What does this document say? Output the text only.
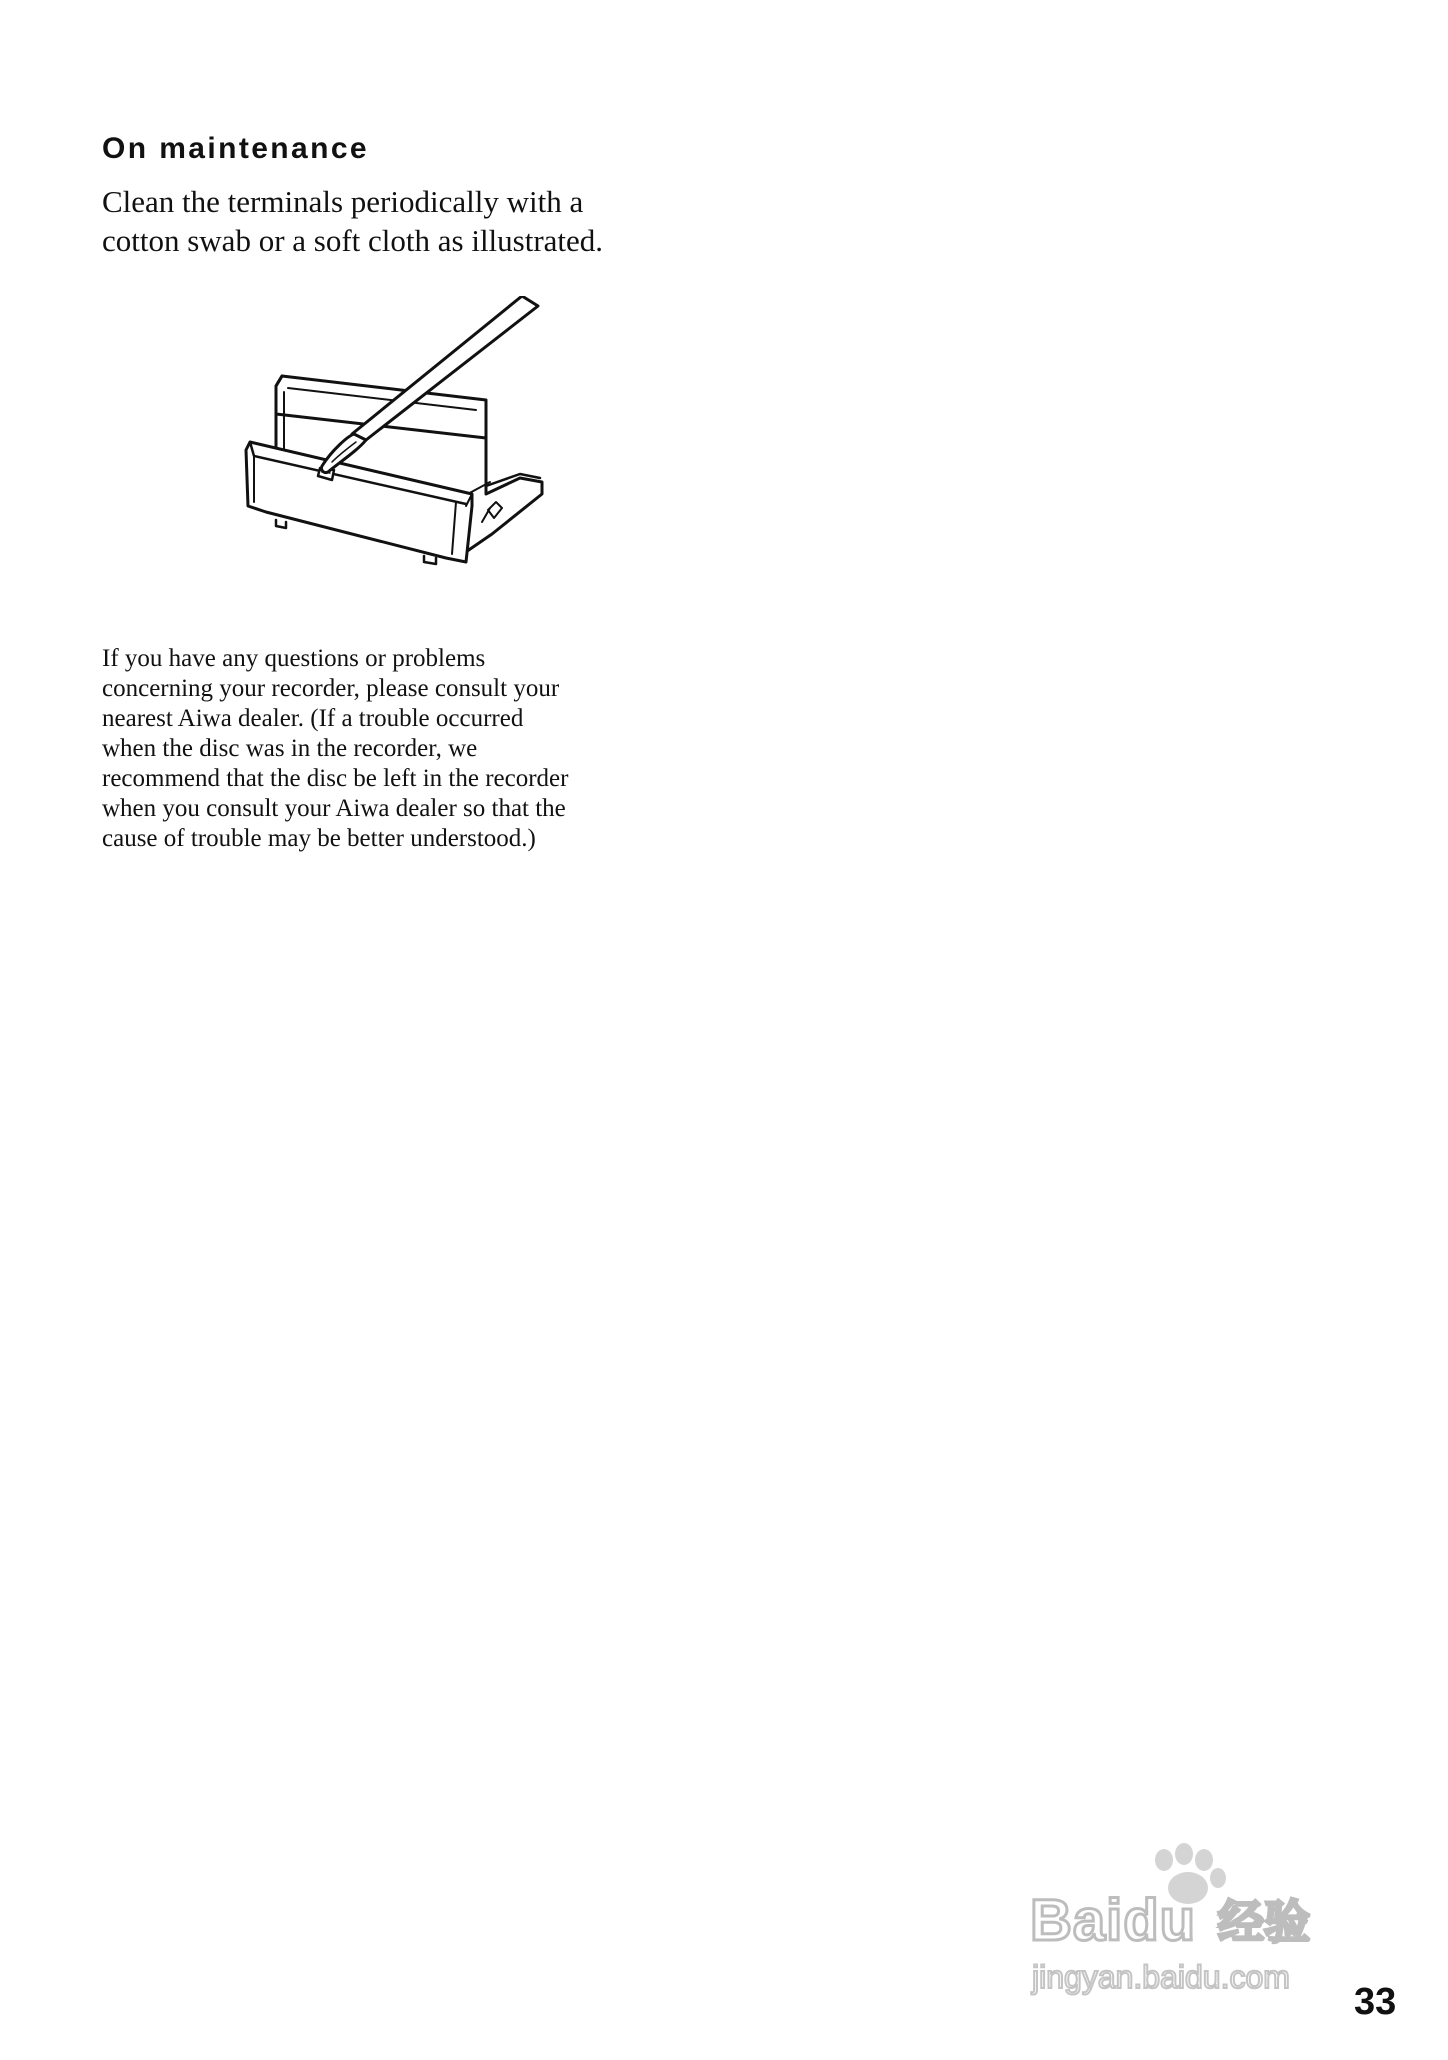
On maintenance

Clean the terminals periodically with a
cotton swab or a soft cloth as illustrated.

If you have any questions or problems
concerning your recorder, please consult your
nearest Aiwa dealer. (If a trouble occurred
when the disc was in the recorder, we
recommend that the disc be left in the recorder
when you consult your Aiwa dealer so that the
cause of trouble may be better understood.)

Baidu 经验
jingyan.baidu.com
33
